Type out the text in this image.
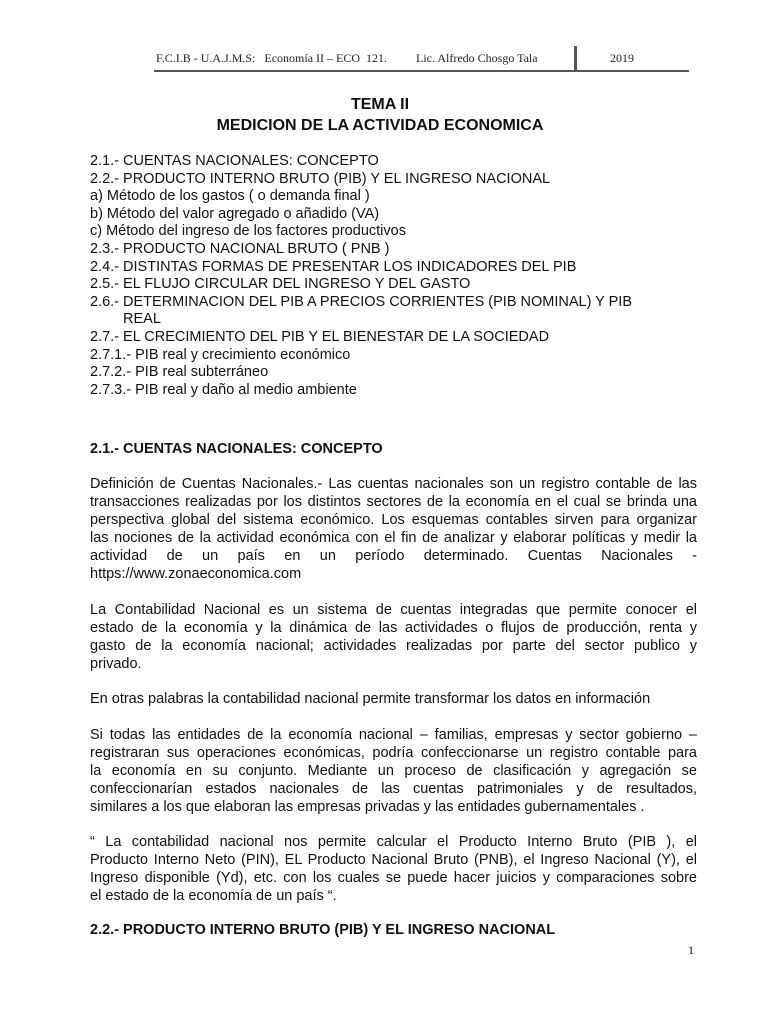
F.C.I.B - U.A.J.M.S:   Economía II – ECO  121. Lic. Alfredo Chosgo Tala	2019
TEMA II
MEDICION DE LA ACTIVIDAD ECONOMICA
2.1.- CUENTAS NACIONALES: CONCEPTO
2.2.- PRODUCTO INTERNO BRUTO (PIB) Y EL INGRESO NACIONAL
a) Método de los gastos ( o demanda final )
b) Método del valor agregado o añadido (VA)
c) Método del ingreso de los factores productivos
2.3.- PRODUCTO NACIONAL BRUTO ( PNB )
2.4.- DISTINTAS FORMAS DE PRESENTAR LOS INDICADORES DEL PIB
2.5.- EL FLUJO CIRCULAR DEL INGRESO Y DEL GASTO
2.6.- DETERMINACION DEL PIB A PRECIOS CORRIENTES (PIB NOMINAL) Y PIB
REAL
2.7.- EL CRECIMIENTO DEL PIB Y EL BIENESTAR DE LA SOCIEDAD
2.7.1.- PIB real y crecimiento económico
2.7.2.- PIB real subterráneo
2.7.3.- PIB real y daño al medio ambiente
2.1.- CUENTAS NACIONALES: CONCEPTO
Definición de Cuentas Nacionales.- Las cuentas nacionales son un registro contable de las
transacciones realizadas por los distintos sectores de la economía en el cual se brinda una
perspectiva global del sistema económico. Los esquemas contables sirven para organizar
las nociones de la actividad económica con el fin de analizar y elaborar políticas y medir la
actividad de un país en un período determinado. Cuentas Nacionales -
https://www.zonaeconomica.com
La Contabilidad Nacional es un sistema de cuentas integradas que permite conocer el
estado de la economía y la dinámica de las actividades o flujos de producción, renta y
gasto de la economía nacional; actividades realizadas por parte del sector publico y
privado.
En otras palabras la contabilidad nacional permite transformar los datos en información
Si todas las entidades de la economía nacional – familias, empresas y sector gobierno –
registraran sus operaciones económicas, podría confeccionarse un registro contable para
la economía en su conjunto. Mediante un proceso de clasificación y agregación se
confeccionarían estados nacionales de las cuentas patrimoniales y de resultados,
similares a los que elaboran las empresas privadas y las entidades gubernamentales .
“ La contabilidad nacional nos permite calcular el Producto Interno Bruto (PIB ), el
Producto Interno Neto (PIN), EL Producto Nacional Bruto (PNB), el Ingreso Nacional (Y), el
Ingreso disponible (Yd), etc. con los cuales se puede hacer juicios y comparaciones sobre
el estado de la economía de un país “.
2.2.- PRODUCTO INTERNO BRUTO (PIB) Y EL INGRESO NACIONAL
1
